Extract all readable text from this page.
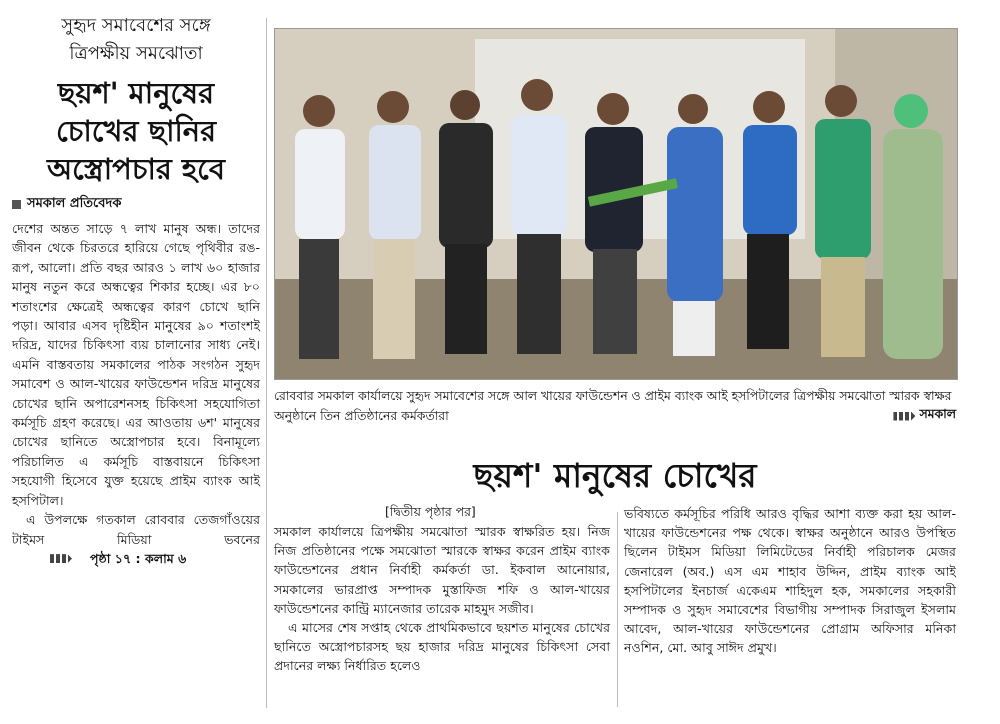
সুহৃদ সমাবেশের সঙ্গে

ত্রিপক্ষীয় সমঝোতা

ছয়শ' মানুষের
চোখের ছানির
অস্ত্রোপচার হবে
সমকাল প্রতিবেদক

দেশের অন্তত সাড়ে ৭ লাখ মানুষ অন্ধ। তাদের জীবন থেকে চিরতরে হারিয়ে গেছে পৃথিবীর রঙ-রূপ, আলো। প্রতি বছর আরও ১ লাখ ৬০ হাজার মানুষ নতুন করে অন্ধত্বের শিকার হচ্ছে। এর ৮০ শতাংশের ক্ষেত্রেই অন্ধত্বের কারণ চোখে ছানি পড়া। আবার এসব দৃষ্টিহীন মানুষের ৯০ শতাংশই দরিদ্র, যাদের চিকিৎসা ব্যয় চালানোর সাধ্য নেই। এমনি বাস্তবতায় সমকালের পাঠক সংগঠন সুহৃদ সমাবেশ ও আল-খায়ের ফাউন্ডেশন দরিদ্র মানুষের চোখের ছানি অপারেশনসহ চিকিৎসা সহযোগিতা কর্মসূচি গ্রহণ করেছে। এর আওতায় ৬শ' মানুষের চোখের ছানিতে অস্ত্রোপচার হবে। বিনামূল্যে পরিচালিত এ কর্মসূচি বাস্তবায়নে চিকিৎসা সহযোগী হিসেবে যুক্ত হয়েছে প্রাইম ব্যাংক আই হসপিটাল।

এ উপলক্ষে গতকাল রোববার তেজগাঁওয়ের টাইমস মিডিয়া ভবনের
পৃষ্ঠা ১৭ : কলাম ৬

রোববার সমকাল কার্যালয়ে সুহৃদ সমাবেশের সঙ্গে আল খায়ের ফাউন্ডেশন ও প্রাইম ব্যাংক আই হসপিটালের ত্রিপক্ষীয় সমঝোতা স্মারক স্বাক্ষর অনুষ্ঠানে তিন প্রতিষ্ঠানের কর্মকর্তারা	সমকাল
ছয়শ' মানুষের চোখের
[দ্বিতীয় পৃষ্ঠার পর]

সমকাল কার্যালয়ে ত্রিপক্ষীয় সমঝোতা স্মারক স্বাক্ষরিত হয়। নিজ নিজ প্রতিষ্ঠানের পক্ষে সমঝোতা স্মারকে স্বাক্ষর করেন প্রাইম ব্যাংক ফাউন্ডেশনের প্রধান নির্বাহী কর্মকর্তা ডা. ইকবাল আনোয়ার, সমকালের ভারপ্রাপ্ত সম্পাদক মুস্তাফিজ শফি ও আল-খায়ের ফাউন্ডেশনের কান্ট্রি ম্যানেজার তারেক মাহমুদ সজীব।

এ মাসের শেষ সপ্তাহ থেকে প্রাথমিকভাবে ছয়শত মানুষের চোখের ছানিতে অস্ত্রোপচারসহ ছয় হাজার দরিদ্র মানুষের চিকিৎসা সেবা প্রদানের লক্ষ্য নির্ধারিত হলেও

ভবিষ্যতে কর্মসূচির পরিধি আরও বৃদ্ধির আশা ব্যক্ত করা হয় আল-খায়ের ফাউন্ডেশনের পক্ষ থেকে। স্বাক্ষর অনুষ্ঠানে আরও উপস্থিত ছিলেন টাইমস মিডিয়া লিমিটেডের নির্বাহী পরিচালক মেজর জেনারেল (অব.) এস এম শাহাব উদ্দিন, প্রাইম ব্যাংক আই হসপিটালের ইনচার্জ একেএম শাহিদুল হক, সমকালের সহকারী সম্পাদক ও সুহৃদ সমাবেশের বিভাগীয় সম্পাদক সিরাজুল ইসলাম আবেদ, আল-খায়ের ফাউন্ডেশনের প্রোগ্রাম অফিসার মনিকা নওশিন, মো. আবু সাঈদ প্রমুখ।
